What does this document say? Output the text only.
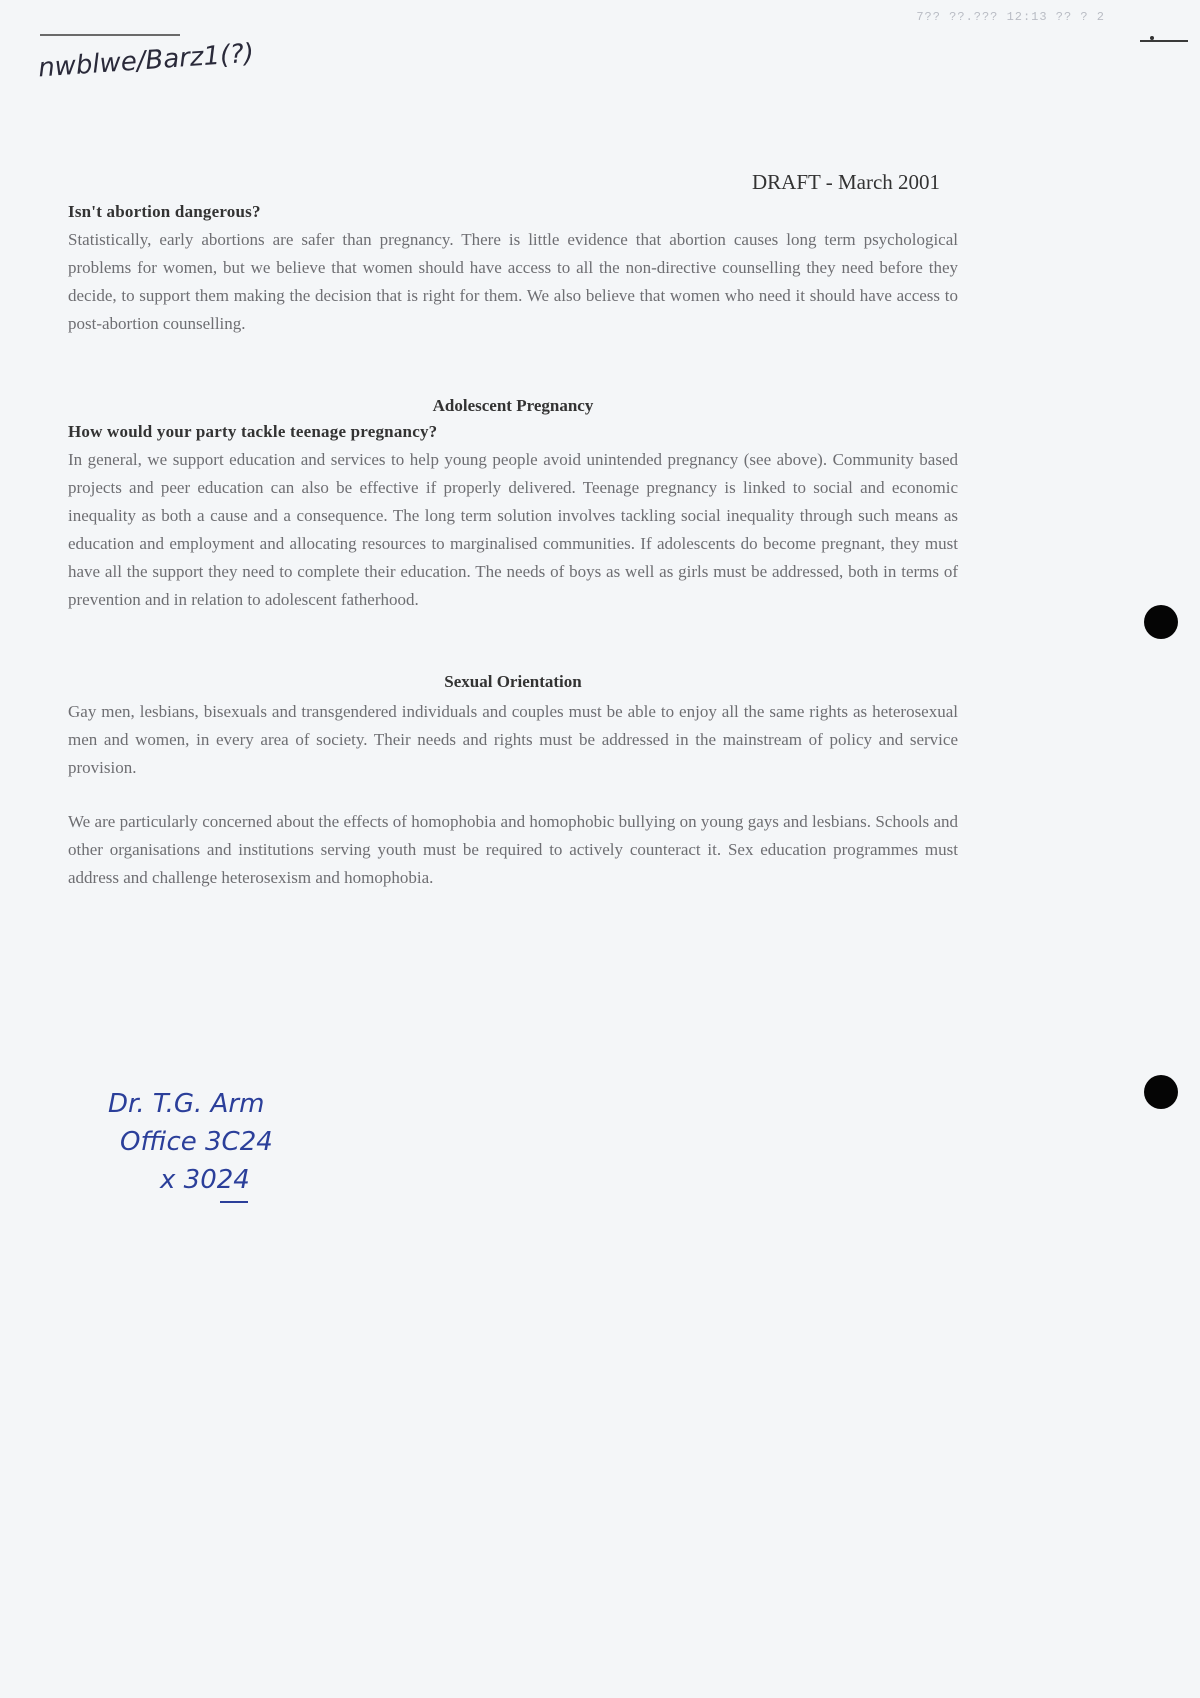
7?? ??.??? 12:13 ?? ? 2
nwblwe/Barz1(?)
DRAFT - March 2001

Isn't abortion dangerous?

Statistically, early abortions are safer than pregnancy. There is little evidence that abortion causes long term psychological problems for women, but we believe that women should have access to all the non-directive counselling they need before they decide, to support them making the decision that is right for them. We also believe that women who need it should have access to post-abortion counselling.

Adolescent Pregnancy

How would your party tackle teenage pregnancy?

In general, we support education and services to help young people avoid unintended pregnancy (see above). Community based projects and peer education can also be effective if properly delivered. Teenage pregnancy is linked to social and economic inequality as both a cause and a consequence. The long term solution involves tackling social inequality through such means as education and employment and allocating resources to marginalised communities. If adolescents do become pregnant, they must have all the support they need to complete their education. The needs of boys as well as girls must be addressed, both in terms of prevention and in relation to adolescent fatherhood.

Sexual Orientation

Gay men, lesbians, bisexuals and transgendered individuals and couples must be able to enjoy all the same rights as heterosexual men and women, in every area of society. Their needs and rights must be addressed in the mainstream of policy and service provision.

We are particularly concerned about the effects of homophobia and homophobic bullying on young gays and lesbians. Schools and other organisations and institutions serving youth must be required to actively counteract it. Sex education programmes must address and challenge heterosexism and homophobia.

Dr. T.G. Arm
Office 3C24
x 3024
